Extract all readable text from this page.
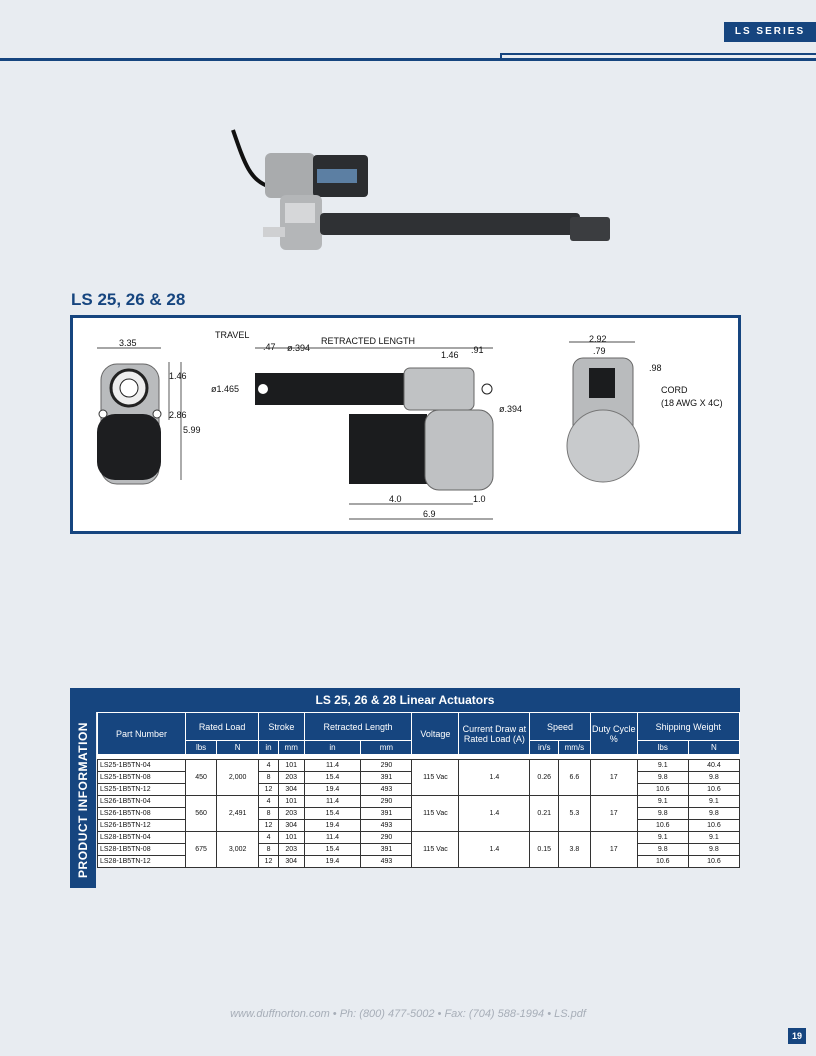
LS SERIES
LS 25, 26 & 28
3.35
1.46
2.86
5.99
TRAVEL
RETRACTED LENGTH
.47 ø.394
ø1.465
1.46 .91
ø.394
4.0	1.0
6.9
2.92
.79
.98
CORD
(18 AWG X 4C)
LS 25, 26 & 28 Linear Actuators
PRODUCT INFORMATION	Part Number	Rated Load		Stroke		Retracted Length		Voltage	Current Draw at Rated Load (A)	Speed		Duty Cycle %	Shipping Weight	
	lbs	N	in	mm	in	mm			in/s	mm/s		lbs	N

LS25-1B5TN-04	450	2,000	4	101	11.4	290	115 Vac	1.4	0.26	6.6	17	9.1	40.4
LS25-1B5TN-08			8	203	15.4	391						9.8	9.8
LS25-1B5TN-12			12	304	19.4	493						10.6	10.6
LS26-1B5TN-04	560	2,491	4	101	11.4	290	115 Vac	1.4	0.21	5.3	17	9.1	9.1
LS26-1B5TN-08			8	203	15.4	391						9.8	9.8
LS26-1B5TN-12			12	304	19.4	493						10.6	10.6
LS28-1B5TN-04	675	3,002	4	101	11.4	290	115 Vac	1.4	0.15	3.8	17	9.1	9.1
LS28-1B5TN-08			8	203	15.4	391						9.8	9.8
LS28-1B5TN-12			12	304	19.4	493						10.6	10.6
www.duffnorton.com • Ph: (800) 477-5002 • Fax: (704) 588-1994 • LS.pdf
19
